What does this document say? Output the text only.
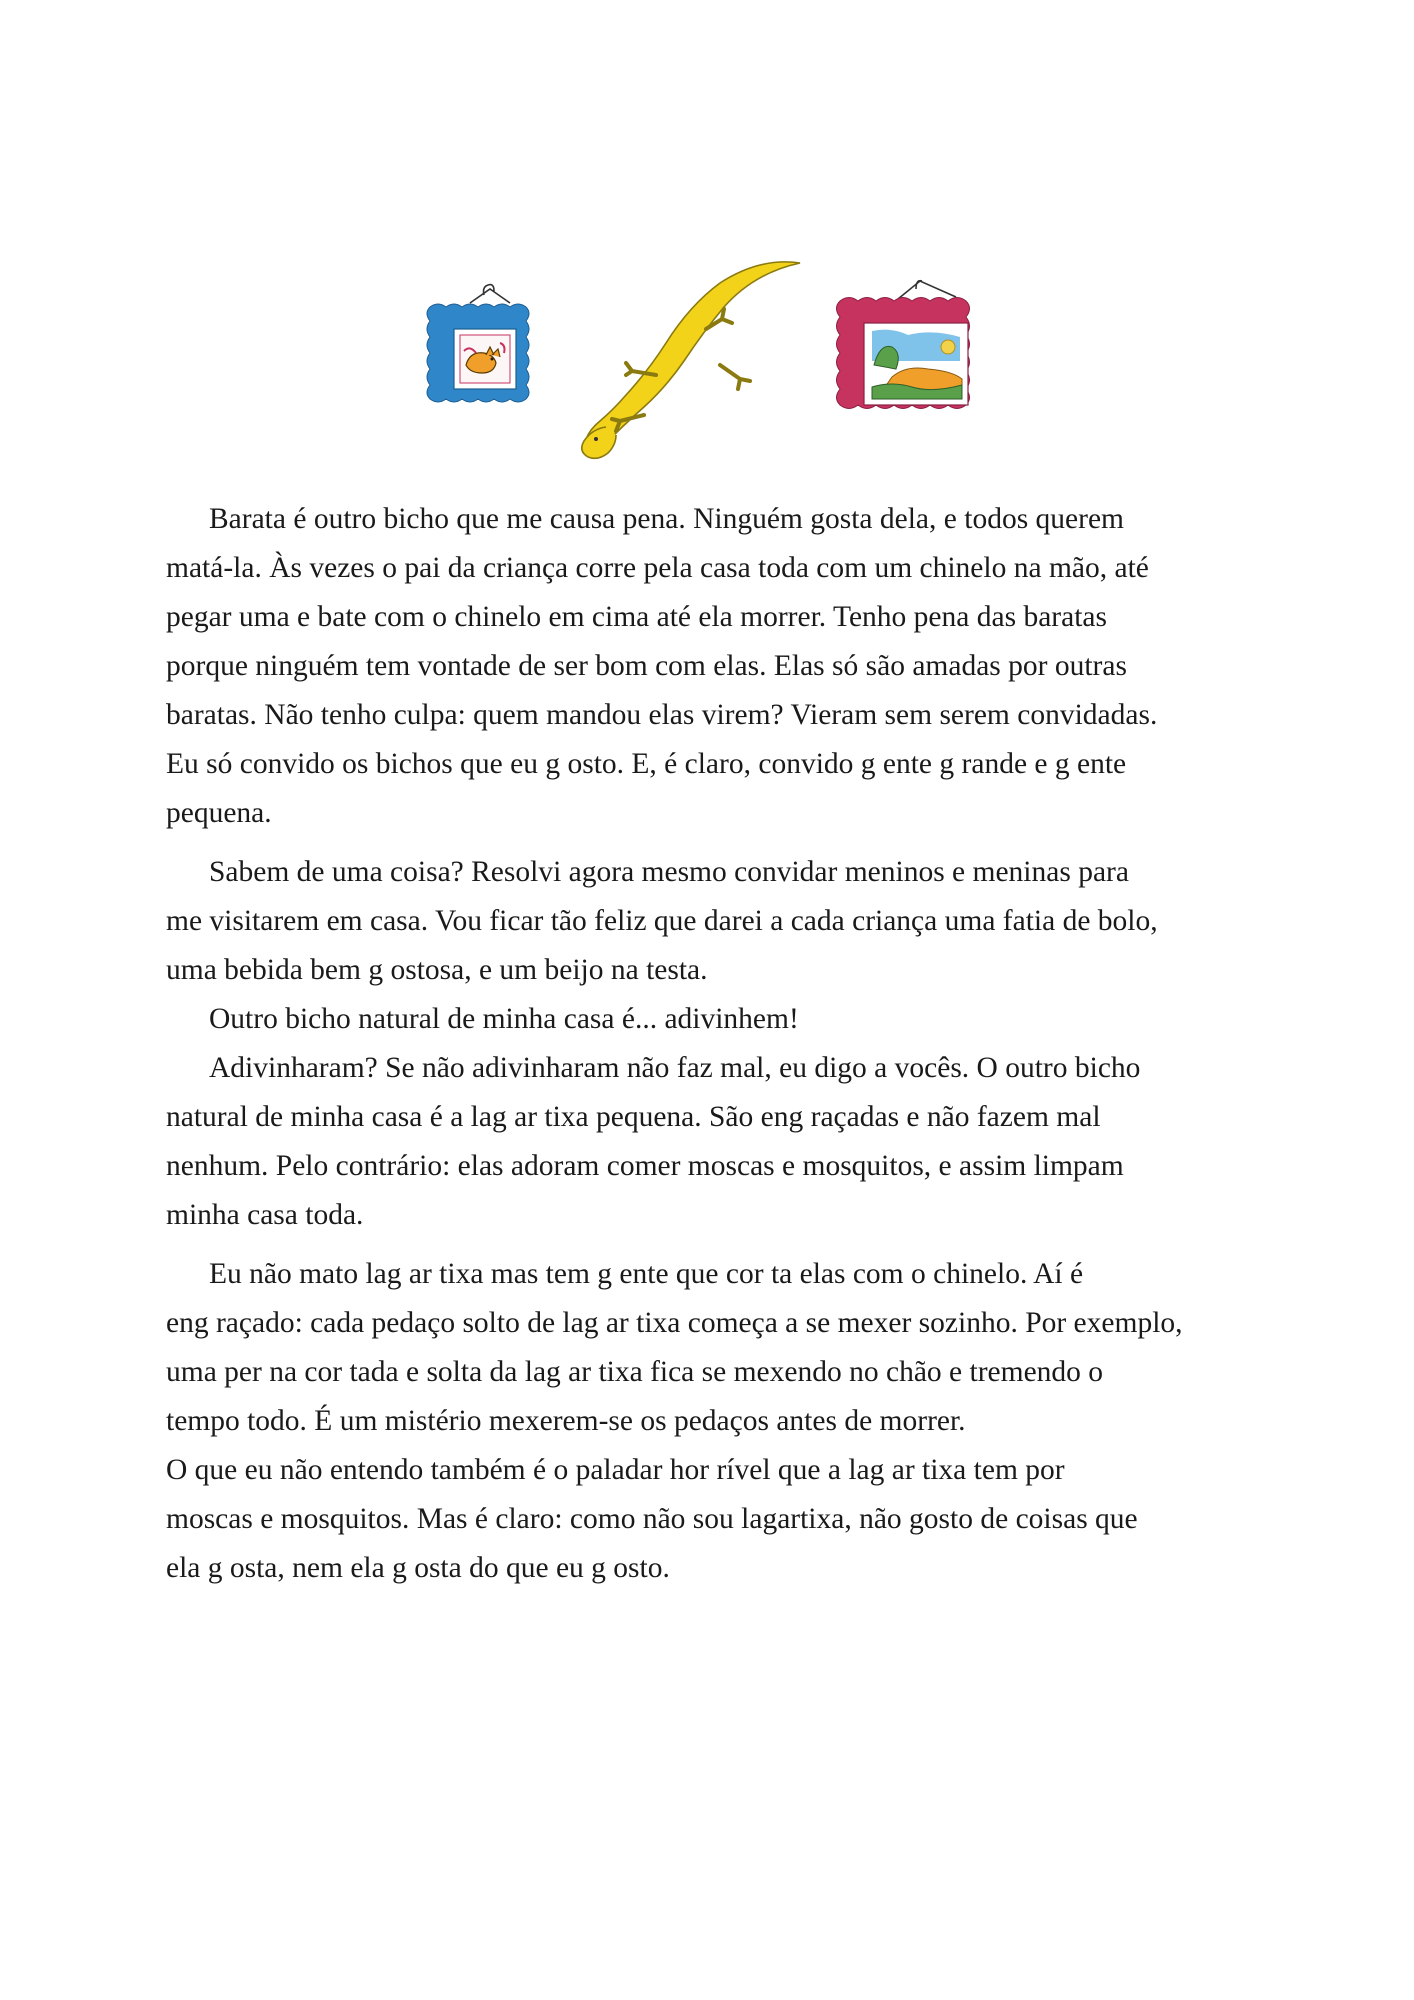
Barata é outro bicho que me causa pena. Ninguém gosta dela, e todos querem
matá-la. Às vezes o pai da criança corre pela casa toda com um chinelo na mão, até
pegar uma e bate com o chinelo em cima até ela morrer. Tenho pena das baratas
porque ninguém tem vontade de ser bom com elas. Elas só são amadas por outras
baratas. Não tenho culpa: quem mandou elas virem? Vieram sem serem convidadas.
Eu só convido os bichos que eu g osto. E, é claro, convido g ente g rande e g ente
pequena.

Sabem de uma coisa? Resolvi agora mesmo convidar meninos e meninas para
me visitarem em casa. Vou ficar tão feliz que darei a cada criança uma fatia de bolo,
uma bebida bem g ostosa, e um beijo na testa.

Outro bicho natural de minha casa é... adivinhem!

Adivinharam? Se não adivinharam não faz mal, eu digo a vocês. O outro bicho
natural de minha casa é a lag ar tixa pequena. São eng raçadas e não fazem mal
nenhum. Pelo contrário: elas adoram comer moscas e mosquitos, e assim limpam
minha casa toda.

Eu não mato lag ar tixa mas tem g ente que cor ta elas com o chinelo. Aí é
eng raçado: cada pedaço solto de lag ar tixa começa a se mexer sozinho. Por exemplo,
uma per na cor tada e solta da lag ar tixa fica se mexendo no chão e tremendo o
tempo todo. É um mistério mexerem-se os pedaços antes de morrer.

O que eu não entendo também é o paladar hor rível que a lag ar tixa tem por
moscas e mosquitos. Mas é claro: como não sou lagartixa, não gosto de coisas que
ela g osta, nem ela g osta do que eu g osto.
